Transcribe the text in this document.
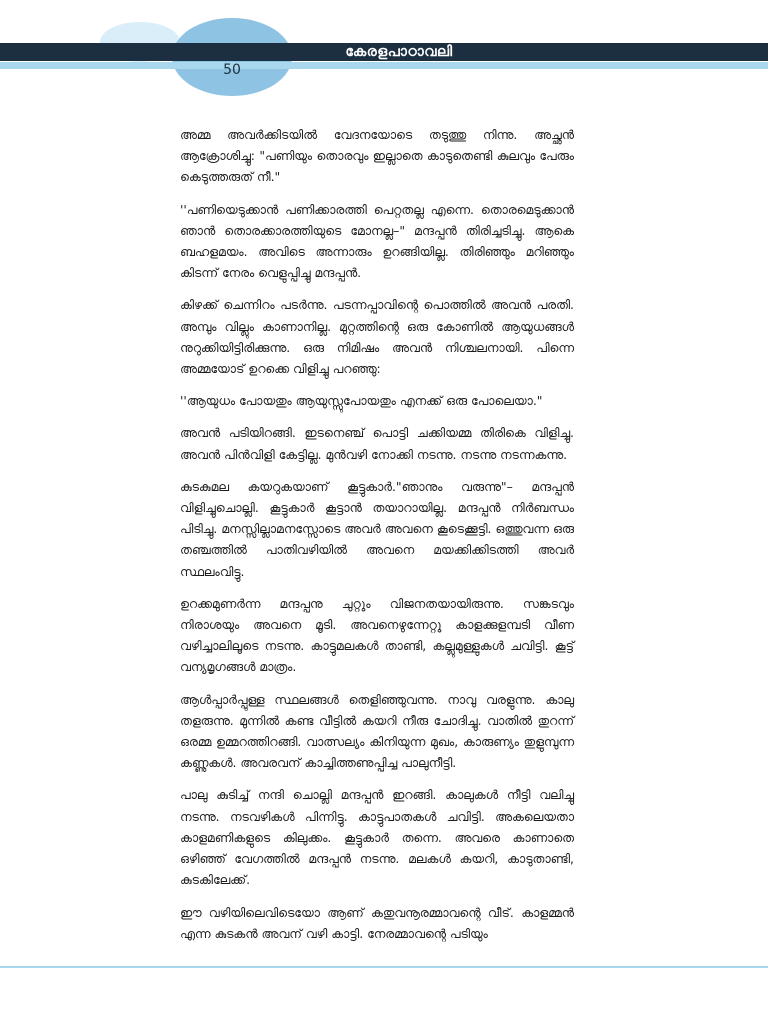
കേരളപാഠാവലി
50

അമ്മ അവർക്കിടയിൽ വേദനയോടെ തടുത്തു നിന്നു. അച്ഛൻ ആക്രോശിച്ചു: "പണിയും തൊരവും ഇല്ലാതെ കാടുതെണ്ടി കുലവും പേരും കെടുത്തരുത് നീ."

''പണിയെടുക്കാൻ പണിക്കാരത്തി പെറ്റതല്ല എന്നെ. തൊരമെടുക്കാൻ ഞാൻ തൊരക്കാരത്തിയുടെ മോനല്ല–" മന്ദപ്പൻ തിരിച്ചടിച്ചു. ആകെ ബഹളമയം. അവിടെ അന്നാരും ഉറങ്ങിയില്ല. തിരിഞ്ഞും മറിഞ്ഞും കിടന്ന് നേരം വെളുപ്പിച്ചു മന്ദപ്പൻ.

കിഴക്ക് ചെന്നിറം പടർന്നു. പടന്നപ്പാവിന്റെ പൊത്തിൽ അവൻ പരതി. അമ്പും വില്ലും കാണാനില്ല. മുറ്റത്തിന്റെ ഒരു കോണിൽ ആയുധങ്ങൾ നുറുക്കിയിട്ടിരിക്കുന്നു. ഒരു നിമിഷം അവൻ നിശ്ചലനായി. പിന്നെ അമ്മയോട് ഉറക്കെ വിളിച്ചു പറഞ്ഞു:

''ആയുധം പോയതും ആയുസ്സുപോയതും എനക്ക് ഒരു പോലെയാ."

അവൻ പടിയിറങ്ങി. ഇടനെഞ്ച് പൊട്ടി ചക്കിയമ്മ തിരികെ വിളിച്ചു. അവൻ പിൻവിളി കേട്ടില്ല. മുൻവഴി നോക്കി നടന്നു. നടന്നു നടന്നകന്നു.

കുടകുമല കയറുകയാണ് കൂട്ടുകാർ."ഞാനും വരുന്നു"– മന്ദപ്പൻ വിളിച്ചുചൊല്ലി. കൂട്ടുകാർ കൂട്ടാൻ തയാറായില്ല. മന്ദപ്പൻ നിർബന്ധം പിടിച്ചു. മനസ്സില്ലാമനസ്സോടെ അവർ അവനെ കൂടെക്കൂട്ടി. ഒത്തുവന്ന ഒരു തഞ്ചത്തിൽ പാതിവഴിയിൽ അവനെ മയക്കിക്കിടത്തി അവർ സ്ഥലംവിട്ടു.

ഉറക്കമുണർന്ന മന്ദപ്പനു ചുറ്റും വിജനതയായിരുന്നു. സങ്കടവും നിരാശയും അവനെ മൂടി. അവനെഴുന്നേറ്റു കാളക്കുളമ്പടി വീണ വഴിച്ചാലിലൂടെ നടന്നു. കാട്ടുമലകൾ താണ്ടി, കല്ലുമുള്ളുകൾ ചവിട്ടി. കൂട്ട് വന്യമൃഗങ്ങൾ മാത്രം.

ആൾപ്പാർപ്പുള്ള സ്ഥലങ്ങൾ തെളിഞ്ഞുവന്നു. നാവു വരളുന്നു. കാലു തളരുന്നു. മുന്നിൽ കണ്ട വീട്ടിൽ കയറി നീരു ചോദിച്ചു. വാതിൽ തുറന്ന് ഒരമ്മ ഉമ്മറത്തിറങ്ങി. വാത്സല്യം കിനിയുന്ന മുഖം, കാരുണ്യം തുളുമ്പുന്ന കണ്ണുകൾ. അവരവന് കാച്ചിത്തണുപ്പിച്ച പാലുനീട്ടി.

പാലു കുടിച്ച് നന്ദി ചൊല്ലി മന്ദപ്പൻ ഇറങ്ങി. കാലുകൾ നീട്ടി വലിച്ചു നടന്നു. നടവഴികൾ പിന്നിട്ടു. കാട്ടുപാതകൾ ചവിട്ടി. അകലെയതാ കാളമണികളുടെ കിലുക്കം. കൂട്ടുകാർ തന്നെ. അവരെ കാണാതെ ഒഴിഞ്ഞ് വേഗത്തിൽ മന്ദപ്പൻ നടന്നു. മലകൾ കയറി, കാടുതാണ്ടി, കുടകിലേക്ക്.

ഈ വഴിയിലെവിടെയോ ആണ് കതുവനൂരമ്മാവന്റെ വീട്. കാളമ്മൻ എന്ന കുടകൻ അവന് വഴി കാട്ടി. നേരമ്മാവന്റെ പടിയും
